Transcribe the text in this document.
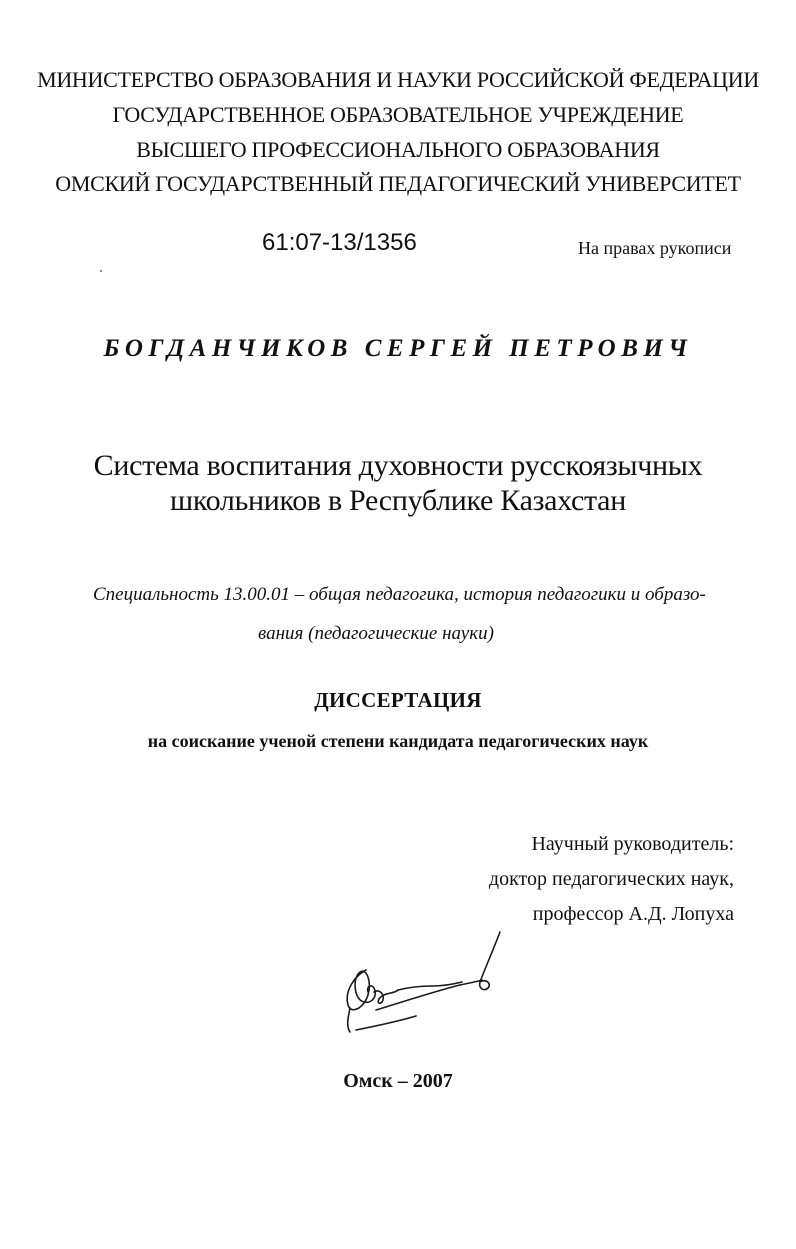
МИНИСТЕРСТВО ОБРАЗОВАНИЯ И НАУКИ РОССИЙСКОЙ ФЕДЕРАЦИИ
ГОСУДАРСТВЕННОЕ ОБРАЗОВАТЕЛЬНОЕ УЧРЕЖДЕНИЕ
ВЫСШЕГО ПРОФЕССИОНАЛЬНОГО ОБРАЗОВАНИЯ
ОМСКИЙ ГОСУДАРСТВЕННЫЙ ПЕДАГОГИЧЕСКИЙ УНИВЕРСИТЕТ
61:07-13/1356	На правах рукописи
БОГДАНЧИКОВ СЕРГЕЙ ПЕТРОВИЧ
Система воспитания духовности русскоязычных
школьников в Республике Казахстан
Специальность 13.00.01 – общая педагогика, история педагогики и образо-
вания (педагогические науки)
ДИССЕРТАЦИЯ
на соискание ученой степени кандидата педагогических наук
Научный руководитель:
доктор педагогических наук,
профессор А.Д. Лопуха
Омск – 2007
